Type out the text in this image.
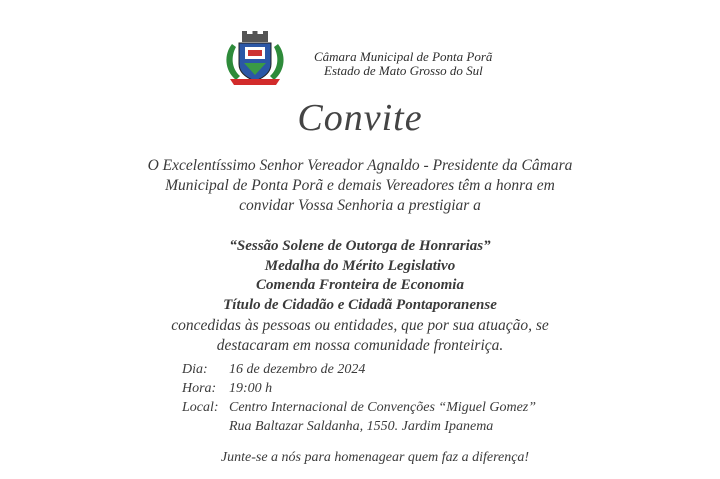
Câmara Municipal de Ponta Porã
Estado de Mato Grosso do Sul
Convite
O Excelentíssimo Senhor Vereador Agnaldo - Presidente da Câmara
Municipal de Ponta Porã e demais Vereadores têm a honra em
convidar Vossa Senhoria a prestigiar a
“Sessão Solene de Outorga de Honrarias”
Medalha do Mérito Legislativo
Comenda Fronteira de Economia
Título de Cidadão e Cidadã Pontaporanense
concedidas às pessoas ou entidades, que por sua atuação, se
destacaram em nossa comunidade fronteiriça.
Dia:	16 de dezembro de 2024
Hora: 19:00 h
Local: Centro Internacional de Convenções “Miguel Gomez”
Rua Baltazar Saldanha, 1550. Jardim Ipanema
Junte-se a nós para homenagear quem faz a diferença!
